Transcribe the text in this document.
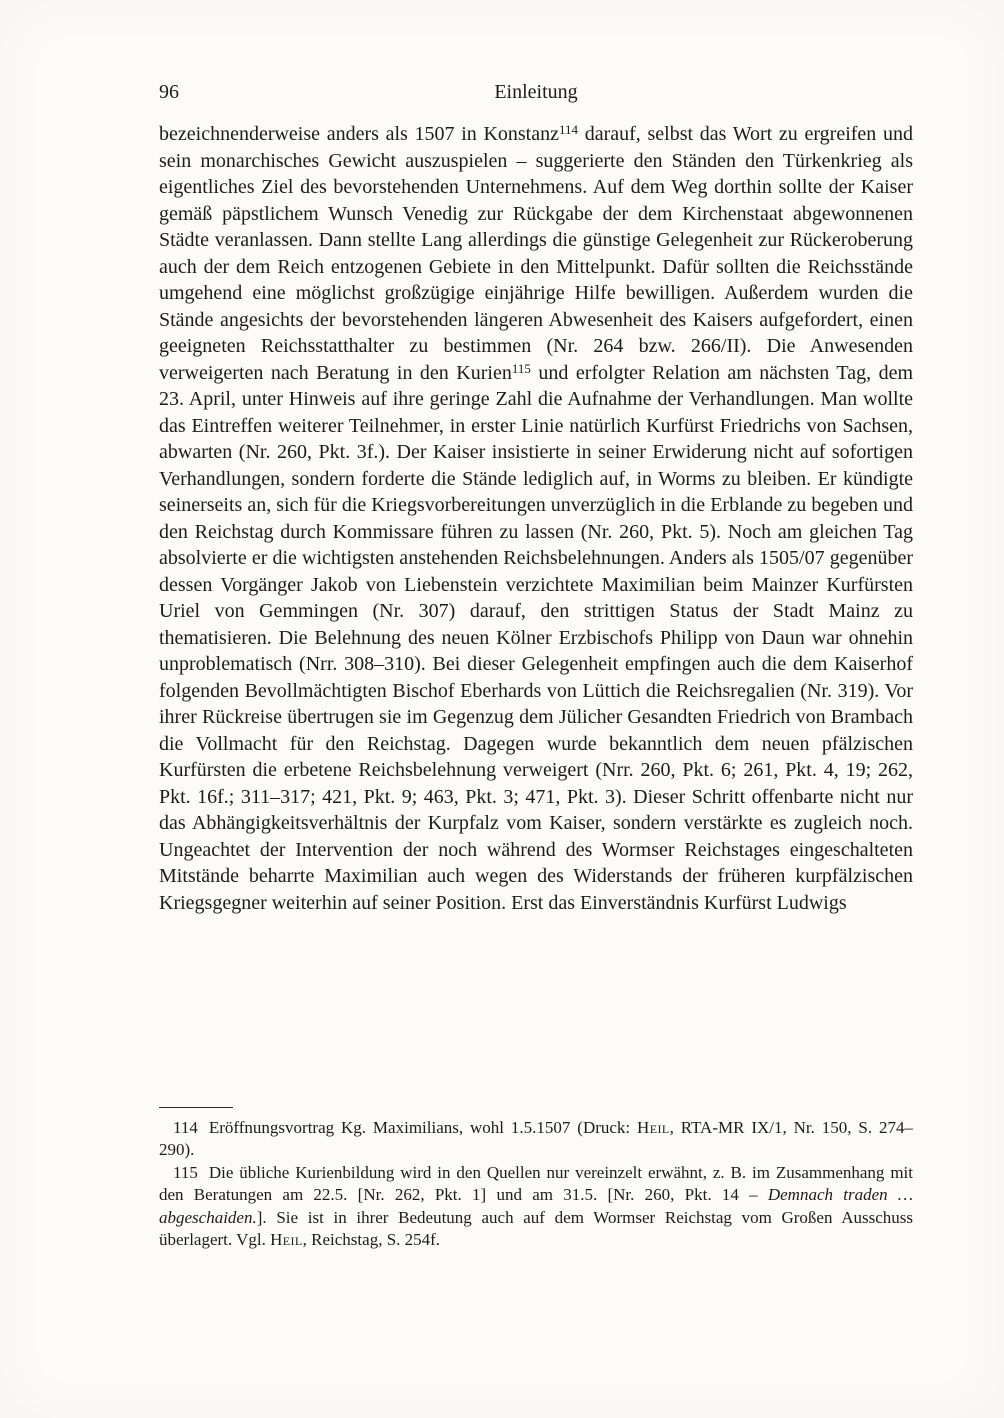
96	Einleitung

bezeichnenderweise anders als 1507 in Konstanz$^{114}$ darauf, selbst das Wort zu ergreifen und sein monarchisches Gewicht auszuspielen – suggerierte den Ständen den Türkenkrieg als eigentliches Ziel des bevorstehenden Unternehmens. Auf dem Weg dorthin sollte der Kaiser gemäß päpstlichem Wunsch Venedig zur Rückgabe der dem Kirchenstaat abgewonnenen Städte veranlassen. Dann stellte Lang allerdings die günstige Gelegenheit zur Rückeroberung auch der dem Reich entzogenen Gebiete in den Mittelpunkt. Dafür sollten die Reichsstände umgehend eine möglichst großzügige einjährige Hilfe bewilligen. Außerdem wurden die Stände angesichts der bevorstehenden längeren Abwesenheit des Kaisers aufgefordert, einen geeigneten Reichsstatthalter zu bestimmen (Nr. 264 bzw. 266/II). Die Anwesenden verweigerten nach Beratung in den Kurien$^{115}$ und erfolgter Relation am nächsten Tag, dem 23. April, unter Hinweis auf ihre geringe Zahl die Aufnahme der Verhandlungen. Man wollte das Eintreffen weiterer Teilnehmer, in erster Linie natürlich Kurfürst Friedrichs von Sachsen, abwarten (Nr. 260, Pkt. 3f.). Der Kaiser insistierte in seiner Erwiderung nicht auf sofortigen Verhandlungen, sondern forderte die Stände lediglich auf, in Worms zu bleiben. Er kündigte seinerseits an, sich für die Kriegsvorbereitungen unverzüglich in die Erblande zu begeben und den Reichstag durch Kommissare führen zu lassen (Nr. 260, Pkt. 5). Noch am gleichen Tag absolvierte er die wichtigsten anstehenden Reichsbelehnungen. Anders als 1505/07 gegenüber dessen Vorgänger Jakob von Liebenstein verzichtete Maximilian beim Mainzer Kurfürsten Uriel von Gemmingen (Nr. 307) darauf, den strittigen Status der Stadt Mainz zu thematisieren. Die Belehnung des neuen Kölner Erzbischofs Philipp von Daun war ohnehin unproblematisch (Nrr. 308–310). Bei dieser Gelegenheit empfingen auch die dem Kaiserhof folgenden Bevollmächtigten Bischof Eberhards von Lüttich die Reichsregalien (Nr. 319). Vor ihrer Rückreise übertrugen sie im Gegenzug dem Jülicher Gesandten Friedrich von Brambach die Vollmacht für den Reichstag. Dagegen wurde bekanntlich dem neuen pfälzischen Kurfürsten die erbetene Reichsbelehnung verweigert (Nrr. 260, Pkt. 6; 261, Pkt. 4, 19; 262, Pkt. 16f.; 311–317; 421, Pkt. 9; 463, Pkt. 3; 471, Pkt. 3). Dieser Schritt offenbarte nicht nur das Abhängigkeitsverhältnis der Kurpfalz vom Kaiser, sondern verstärkte es zugleich noch. Ungeachtet der Intervention der noch während des Wormser Reichstages eingeschalteten Mitstände beharrte Maximilian auch wegen des Widerstands der früheren kurpfälzischen Kriegsgegner weiterhin auf seiner Position. Erst das Einverständnis Kurfürst Ludwigs

114 Eröffnungsvortrag Kg. Maximilians, wohl 1.5.1507 (Druck: Heil, RTA-MR IX/1, Nr. 150, S. 274–290).

115 Die übliche Kurienbildung wird in den Quellen nur vereinzelt erwähnt, z. B. im Zusammenhang mit den Beratungen am 22.5. [Nr. 262, Pkt. 1] und am 31.5. [Nr. 260, Pkt. 14 – Demnach traden … abgeschaiden.]. Sie ist in ihrer Bedeutung auch auf dem Wormser Reichstag vom Großen Ausschuss überlagert. Vgl. Heil, Reichstag, S. 254f.
